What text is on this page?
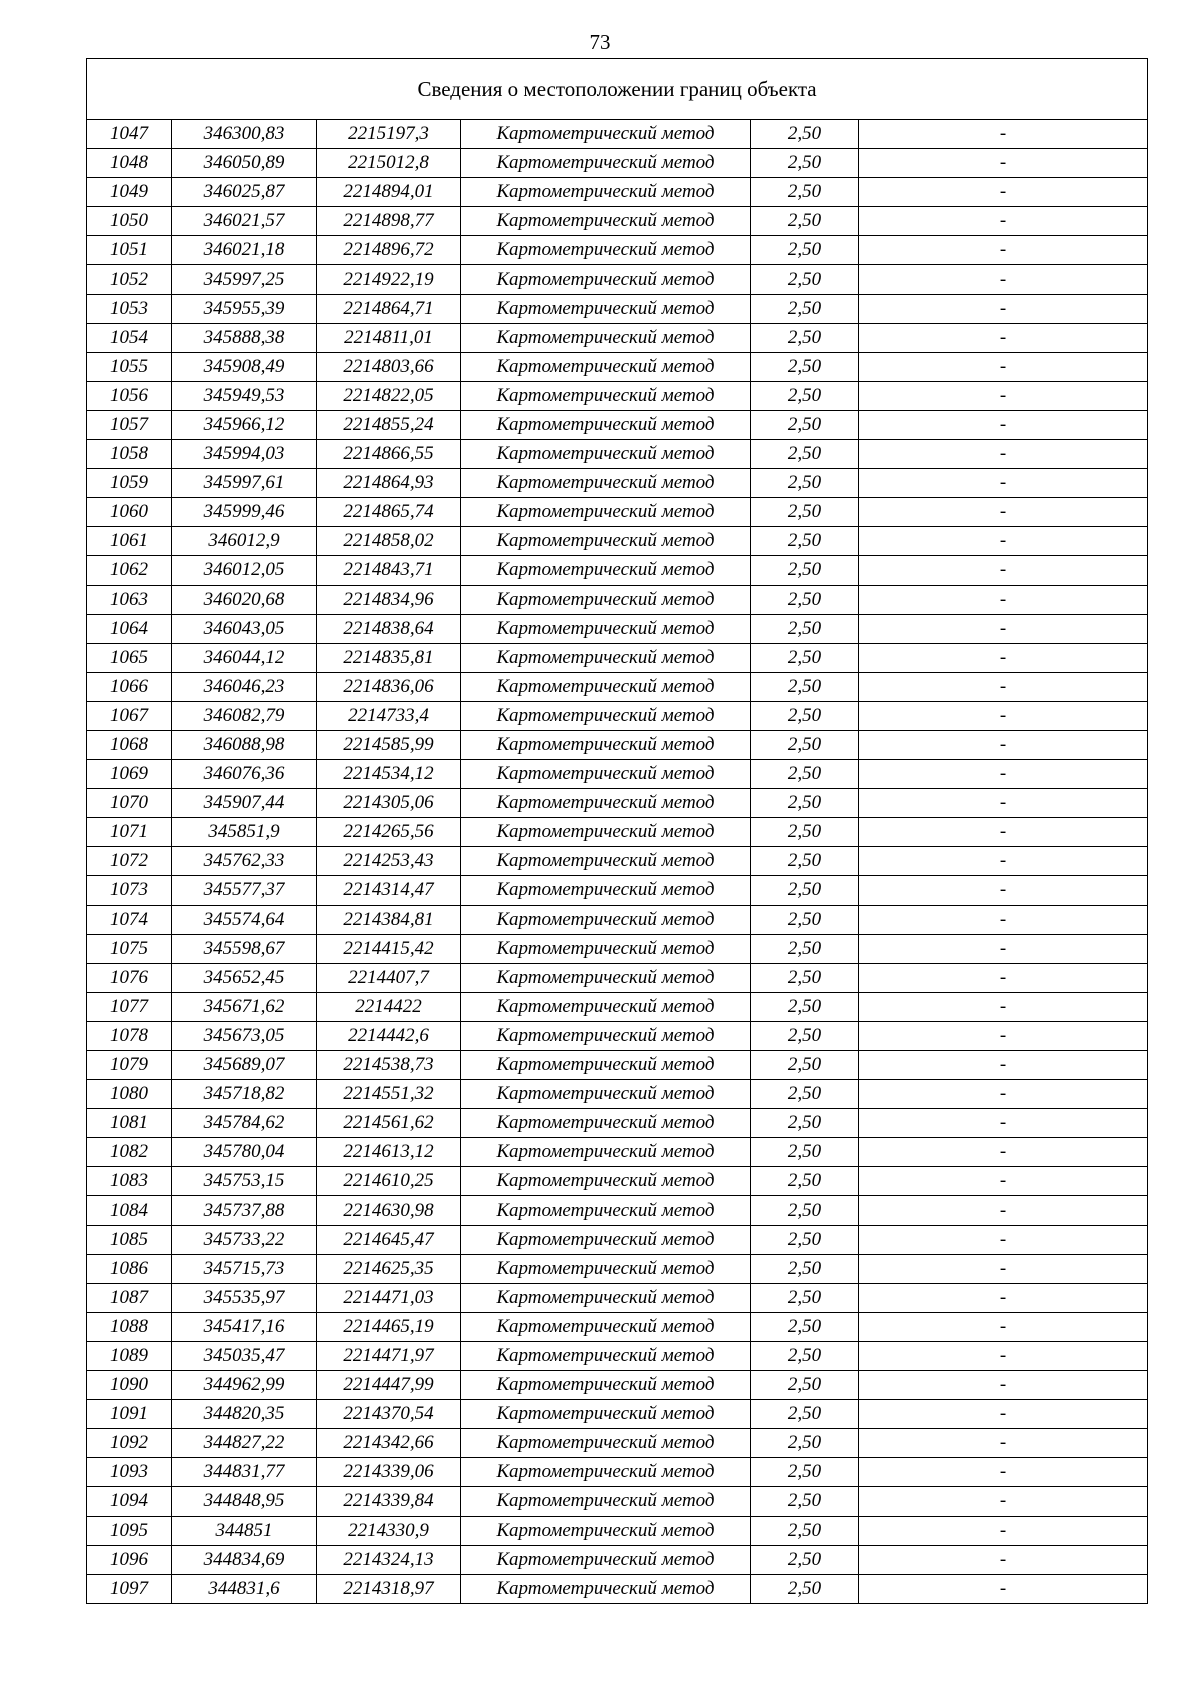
73
Сведения о местоположении границ объекта					
1047	346300,83	2215197,3	Картометрический метод	2,50	-
1048	346050,89	2215012,8	Картометрический метод	2,50	-
1049	346025,87	2214894,01	Картометрический метод	2,50	-
1050	346021,57	2214898,77	Картометрический метод	2,50	-
1051	346021,18	2214896,72	Картометрический метод	2,50	-
1052	345997,25	2214922,19	Картометрический метод	2,50	-
1053	345955,39	2214864,71	Картометрический метод	2,50	-
1054	345888,38	2214811,01	Картометрический метод	2,50	-
1055	345908,49	2214803,66	Картометрический метод	2,50	-
1056	345949,53	2214822,05	Картометрический метод	2,50	-
1057	345966,12	2214855,24	Картометрический метод	2,50	-
1058	345994,03	2214866,55	Картометрический метод	2,50	-
1059	345997,61	2214864,93	Картометрический метод	2,50	-
1060	345999,46	2214865,74	Картометрический метод	2,50	-
1061	346012,9	2214858,02	Картометрический метод	2,50	-
1062	346012,05	2214843,71	Картометрический метод	2,50	-
1063	346020,68	2214834,96	Картометрический метод	2,50	-
1064	346043,05	2214838,64	Картометрический метод	2,50	-
1065	346044,12	2214835,81	Картометрический метод	2,50	-
1066	346046,23	2214836,06	Картометрический метод	2,50	-
1067	346082,79	2214733,4	Картометрический метод	2,50	-
1068	346088,98	2214585,99	Картометрический метод	2,50	-
1069	346076,36	2214534,12	Картометрический метод	2,50	-
1070	345907,44	2214305,06	Картометрический метод	2,50	-
1071	345851,9	2214265,56	Картометрический метод	2,50	-
1072	345762,33	2214253,43	Картометрический метод	2,50	-
1073	345577,37	2214314,47	Картометрический метод	2,50	-
1074	345574,64	2214384,81	Картометрический метод	2,50	-
1075	345598,67	2214415,42	Картометрический метод	2,50	-
1076	345652,45	2214407,7	Картометрический метод	2,50	-
1077	345671,62	2214422	Картометрический метод	2,50	-
1078	345673,05	2214442,6	Картометрический метод	2,50	-
1079	345689,07	2214538,73	Картометрический метод	2,50	-
1080	345718,82	2214551,32	Картометрический метод	2,50	-
1081	345784,62	2214561,62	Картометрический метод	2,50	-
1082	345780,04	2214613,12	Картометрический метод	2,50	-
1083	345753,15	2214610,25	Картометрический метод	2,50	-
1084	345737,88	2214630,98	Картометрический метод	2,50	-
1085	345733,22	2214645,47	Картометрический метод	2,50	-
1086	345715,73	2214625,35	Картометрический метод	2,50	-
1087	345535,97	2214471,03	Картометрический метод	2,50	-
1088	345417,16	2214465,19	Картометрический метод	2,50	-
1089	345035,47	2214471,97	Картометрический метод	2,50	-
1090	344962,99	2214447,99	Картометрический метод	2,50	-
1091	344820,35	2214370,54	Картометрический метод	2,50	-
1092	344827,22	2214342,66	Картометрический метод	2,50	-
1093	344831,77	2214339,06	Картометрический метод	2,50	-
1094	344848,95	2214339,84	Картометрический метод	2,50	-
1095	344851	2214330,9	Картометрический метод	2,50	-
1096	344834,69	2214324,13	Картометрический метод	2,50	-
1097	344831,6	2214318,97	Картометрический метод	2,50	-
